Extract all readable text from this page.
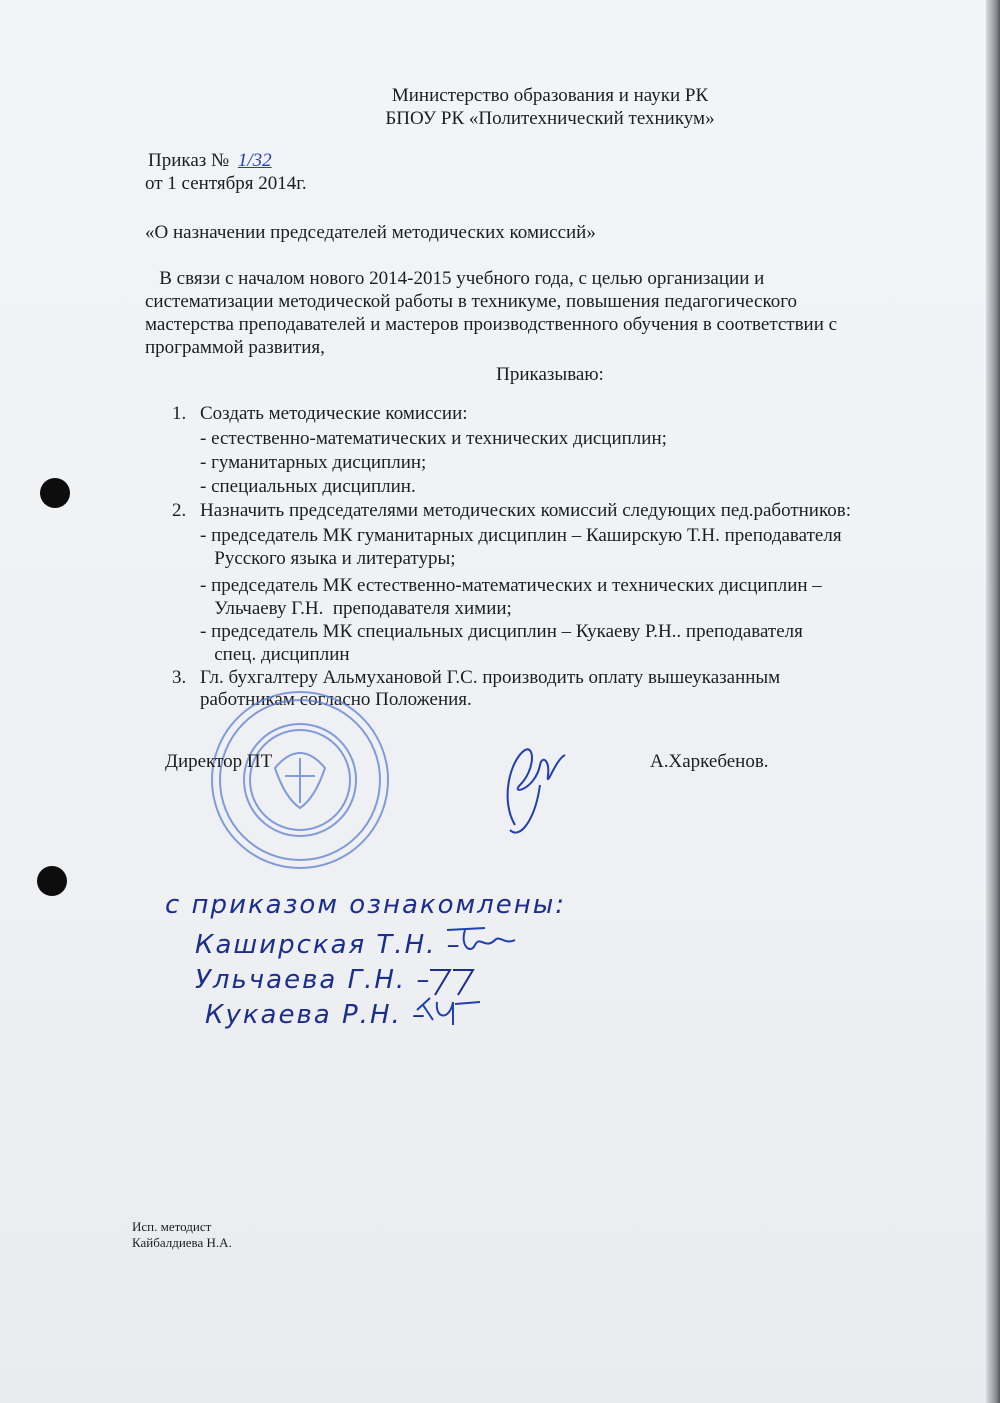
Министерство образования и науки РК
БПОУ РК «Политехнический техникум»
Приказ № 1/32
от 1 сентября 2014г.
«О назначении председателей методических комиссий»
В связи с началом нового 2014-2015 учебного года, с целью организации и
систематизации методической работы в техникуме, повышения педагогического
мастерства преподавателей и мастеров производственного обучения в соответствии с
программой развития,
Приказываю:
1. Создать методические комиссии:
- естественно-математических и технических дисциплин;
- гуманитарных дисциплин;
- специальных дисциплин.
2. Назначить председателями методических комиссий следующих пед.работников:
- председатель МК гуманитарных дисциплин – Каширскую Т.Н. преподавателя
Русского языка и литературы;
- председатель МК естественно-математических и технических дисциплин –
Ульчаеву Г.Н.  преподавателя химии;
- председатель МК специальных дисциплин – Кукаеву Р.Н.. преподавателя
спец. дисциплин
3. Гл. бухгалтеру Альмухановой Г.С. производить оплату вышеуказанным
работникам согласно Положения.
Директор ПТ	А.Харкебенов.
с приказом ознакомлены:
Каширская Т.Н. –
Ульчаева Г.Н. –
Кукаева Р.Н. –
Исп. методист
Кайбалдиева Н.А.
